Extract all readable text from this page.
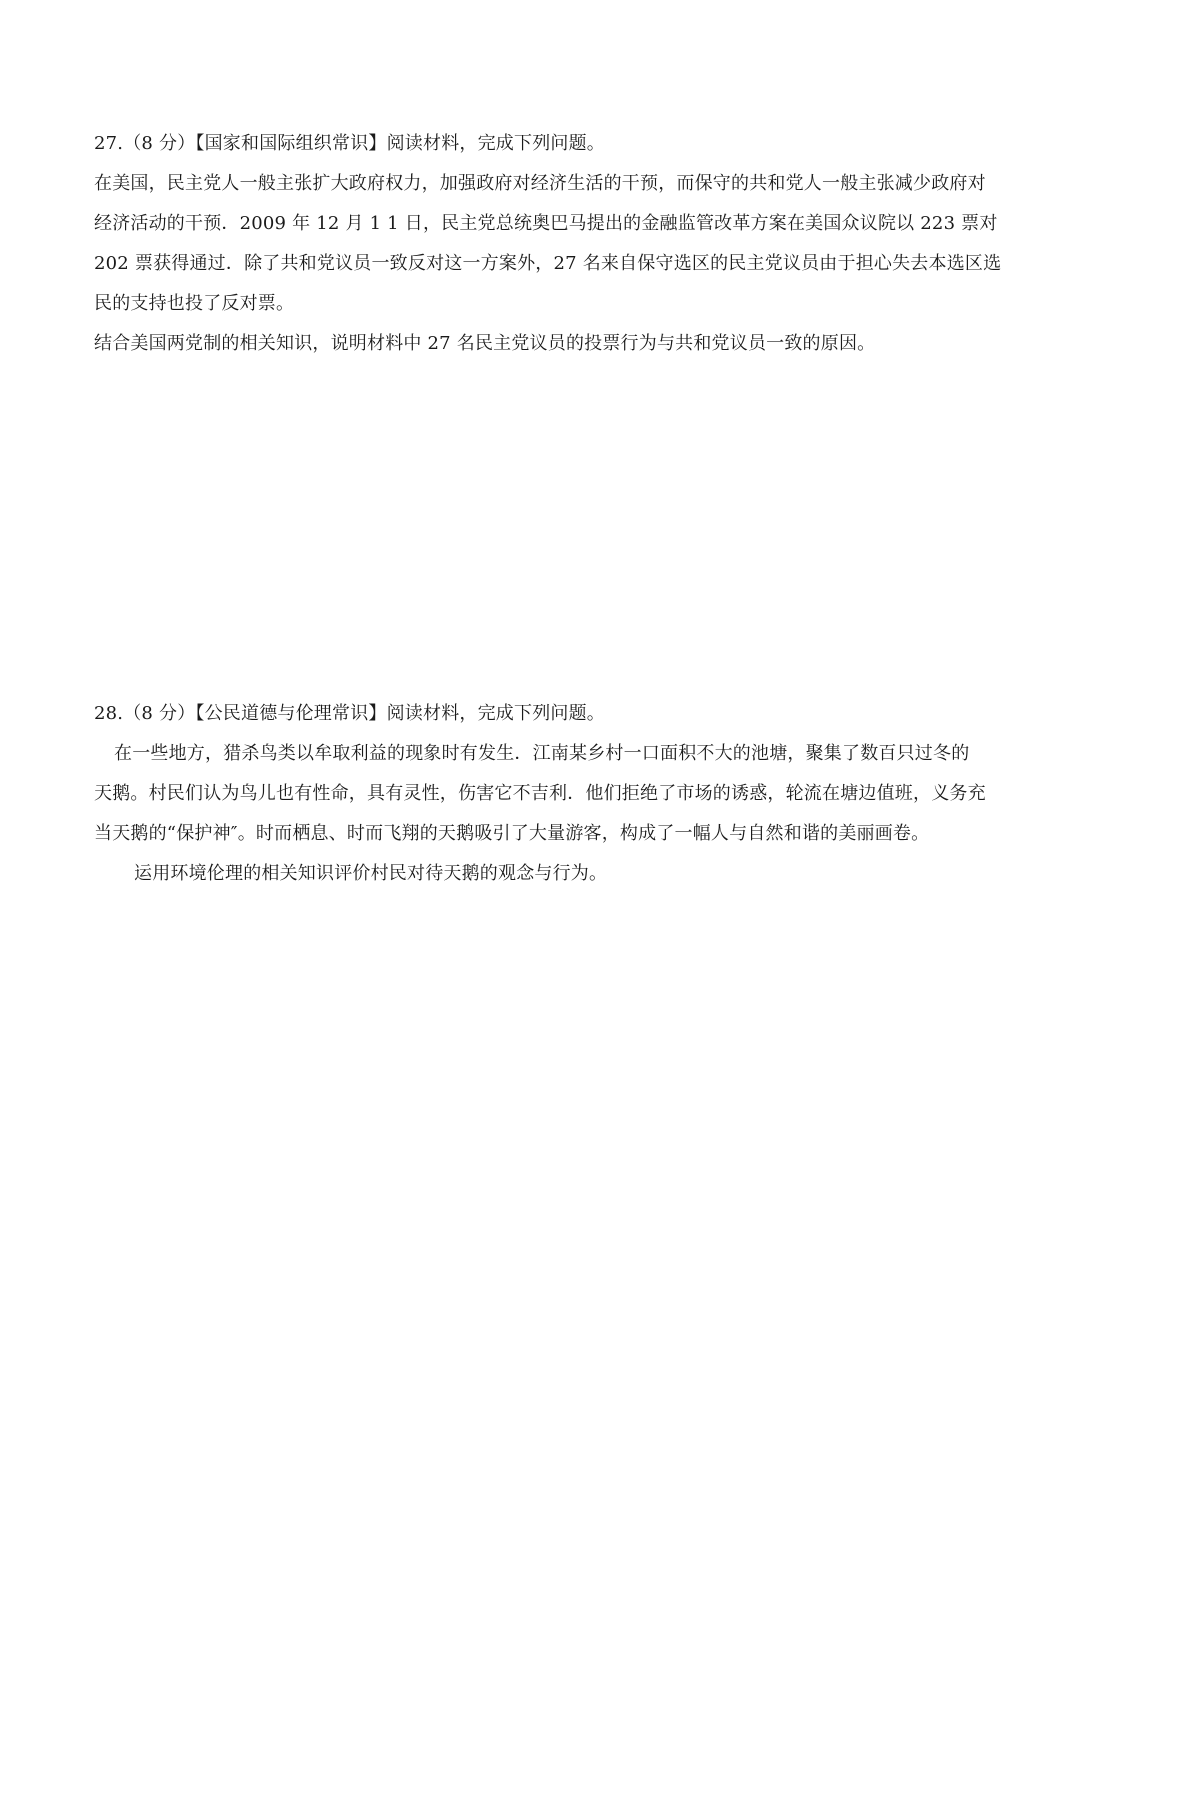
27.（8 分）【国家和国际组织常识】阅读材料，完成下列问题。
在美国，民主党人一般主张扩大政府权力，加强政府对经济生活的干预，而保守的共和党人一般主张减少政府对
经济活动的干预．2009 年 12 月 1 1 日，民主党总统奥巴马提出的金融监管改革方案在美国众议院以 223 票对
202 票获得通过．除了共和党议员一致反对这一方案外，27 名来自保守选区的民主党议员由于担心失去本选区选
民的支持也投了反对票。
结合美国两党制的相关知识，说明材料中 27 名民主党议员的投票行为与共和党议员一致的原因。
28.（8 分）【公民道德与伦理常识】阅读材料，完成下列问题。
在一些地方，猎杀鸟类以牟取利益的现象时有发生．江南某乡村一口面积不大的池塘，聚集了数百只过冬的
天鹅。村民们认为鸟儿也有性命，具有灵性，伤害它不吉利．他们拒绝了市场的诱惑，轮流在塘边值班，义务充
当天鹅的“保护神″。时而栖息、时而飞翔的天鹅吸引了大量游客，构成了一幅人与自然和谐的美丽画卷。
运用环境伦理的相关知识评价村民对待天鹅的观念与行为。
